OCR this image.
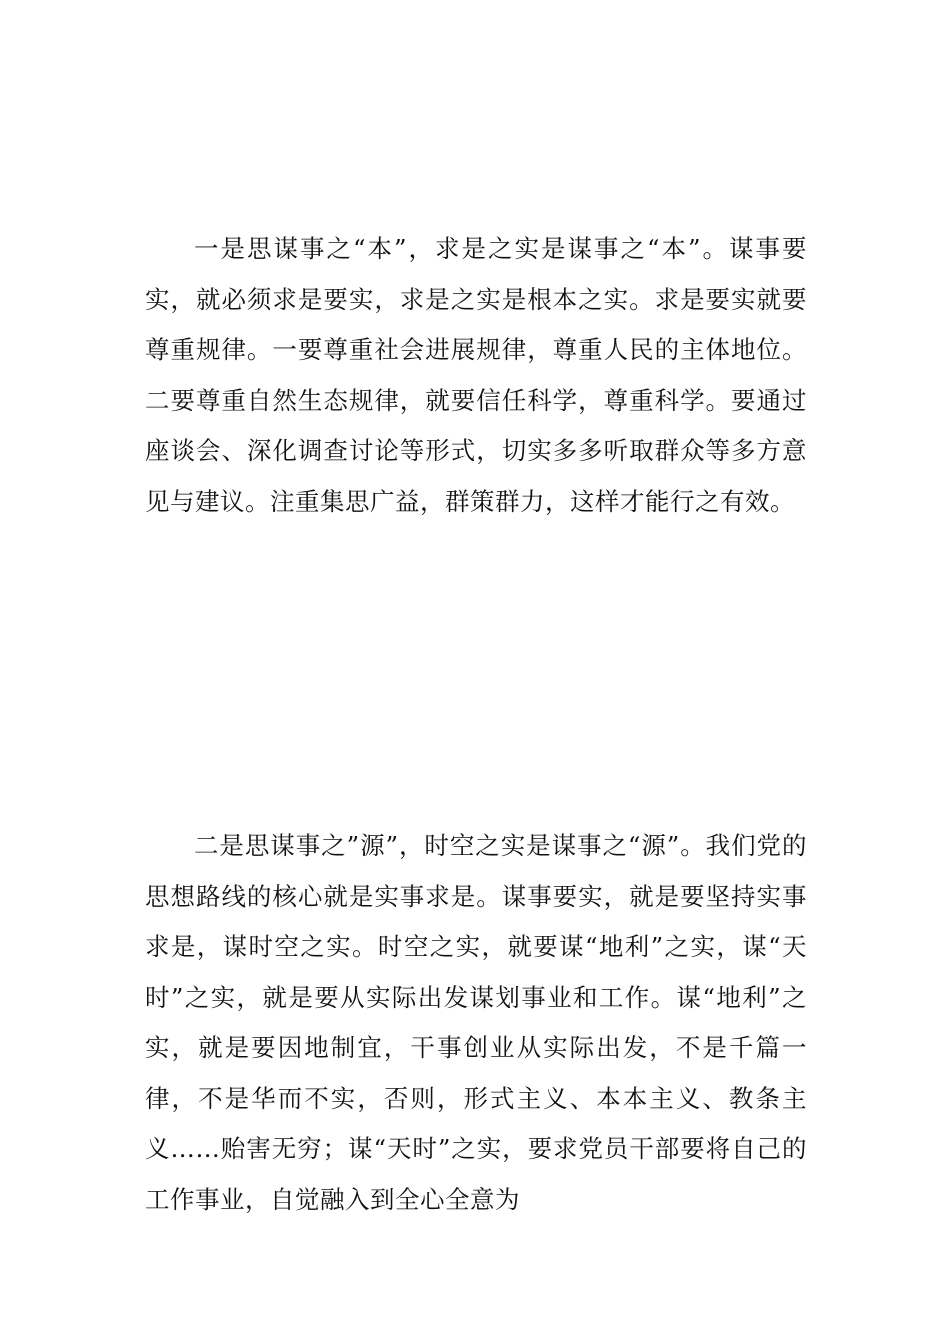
一是思谋事之“本”，求是之实是谋事之“本”。谋事要实，就必须求是要实，求是之实是根本之实。求是要实就要尊重规律。一要尊重社会进展规律，尊重人民的主体地位。二要尊重自然生态规律，就要信任科学，尊重科学。要通过座谈会、深化调查讨论等形式，切实多多听取群众等多方意见与建议。注重集思广益，群策群力，这样才能行之有效。

二是思谋事之”源”，时空之实是谋事之“源”。我们党的思想路线的核心就是实事求是。谋事要实，就是要坚持实事求是，谋时空之实。时空之实，就要谋“地利”之实，谋“天时”之实，就是要从实际出发谋划事业和工作。谋“地利”之实，就是要因地制宜，干事创业从实际出发，不是千篇一律，不是华而不实，否则，形式主义、本本主义、教条主义……贻害无穷；谋“天时”之实，要求党员干部要将自己的工作事业，自觉融入到全心全意为
